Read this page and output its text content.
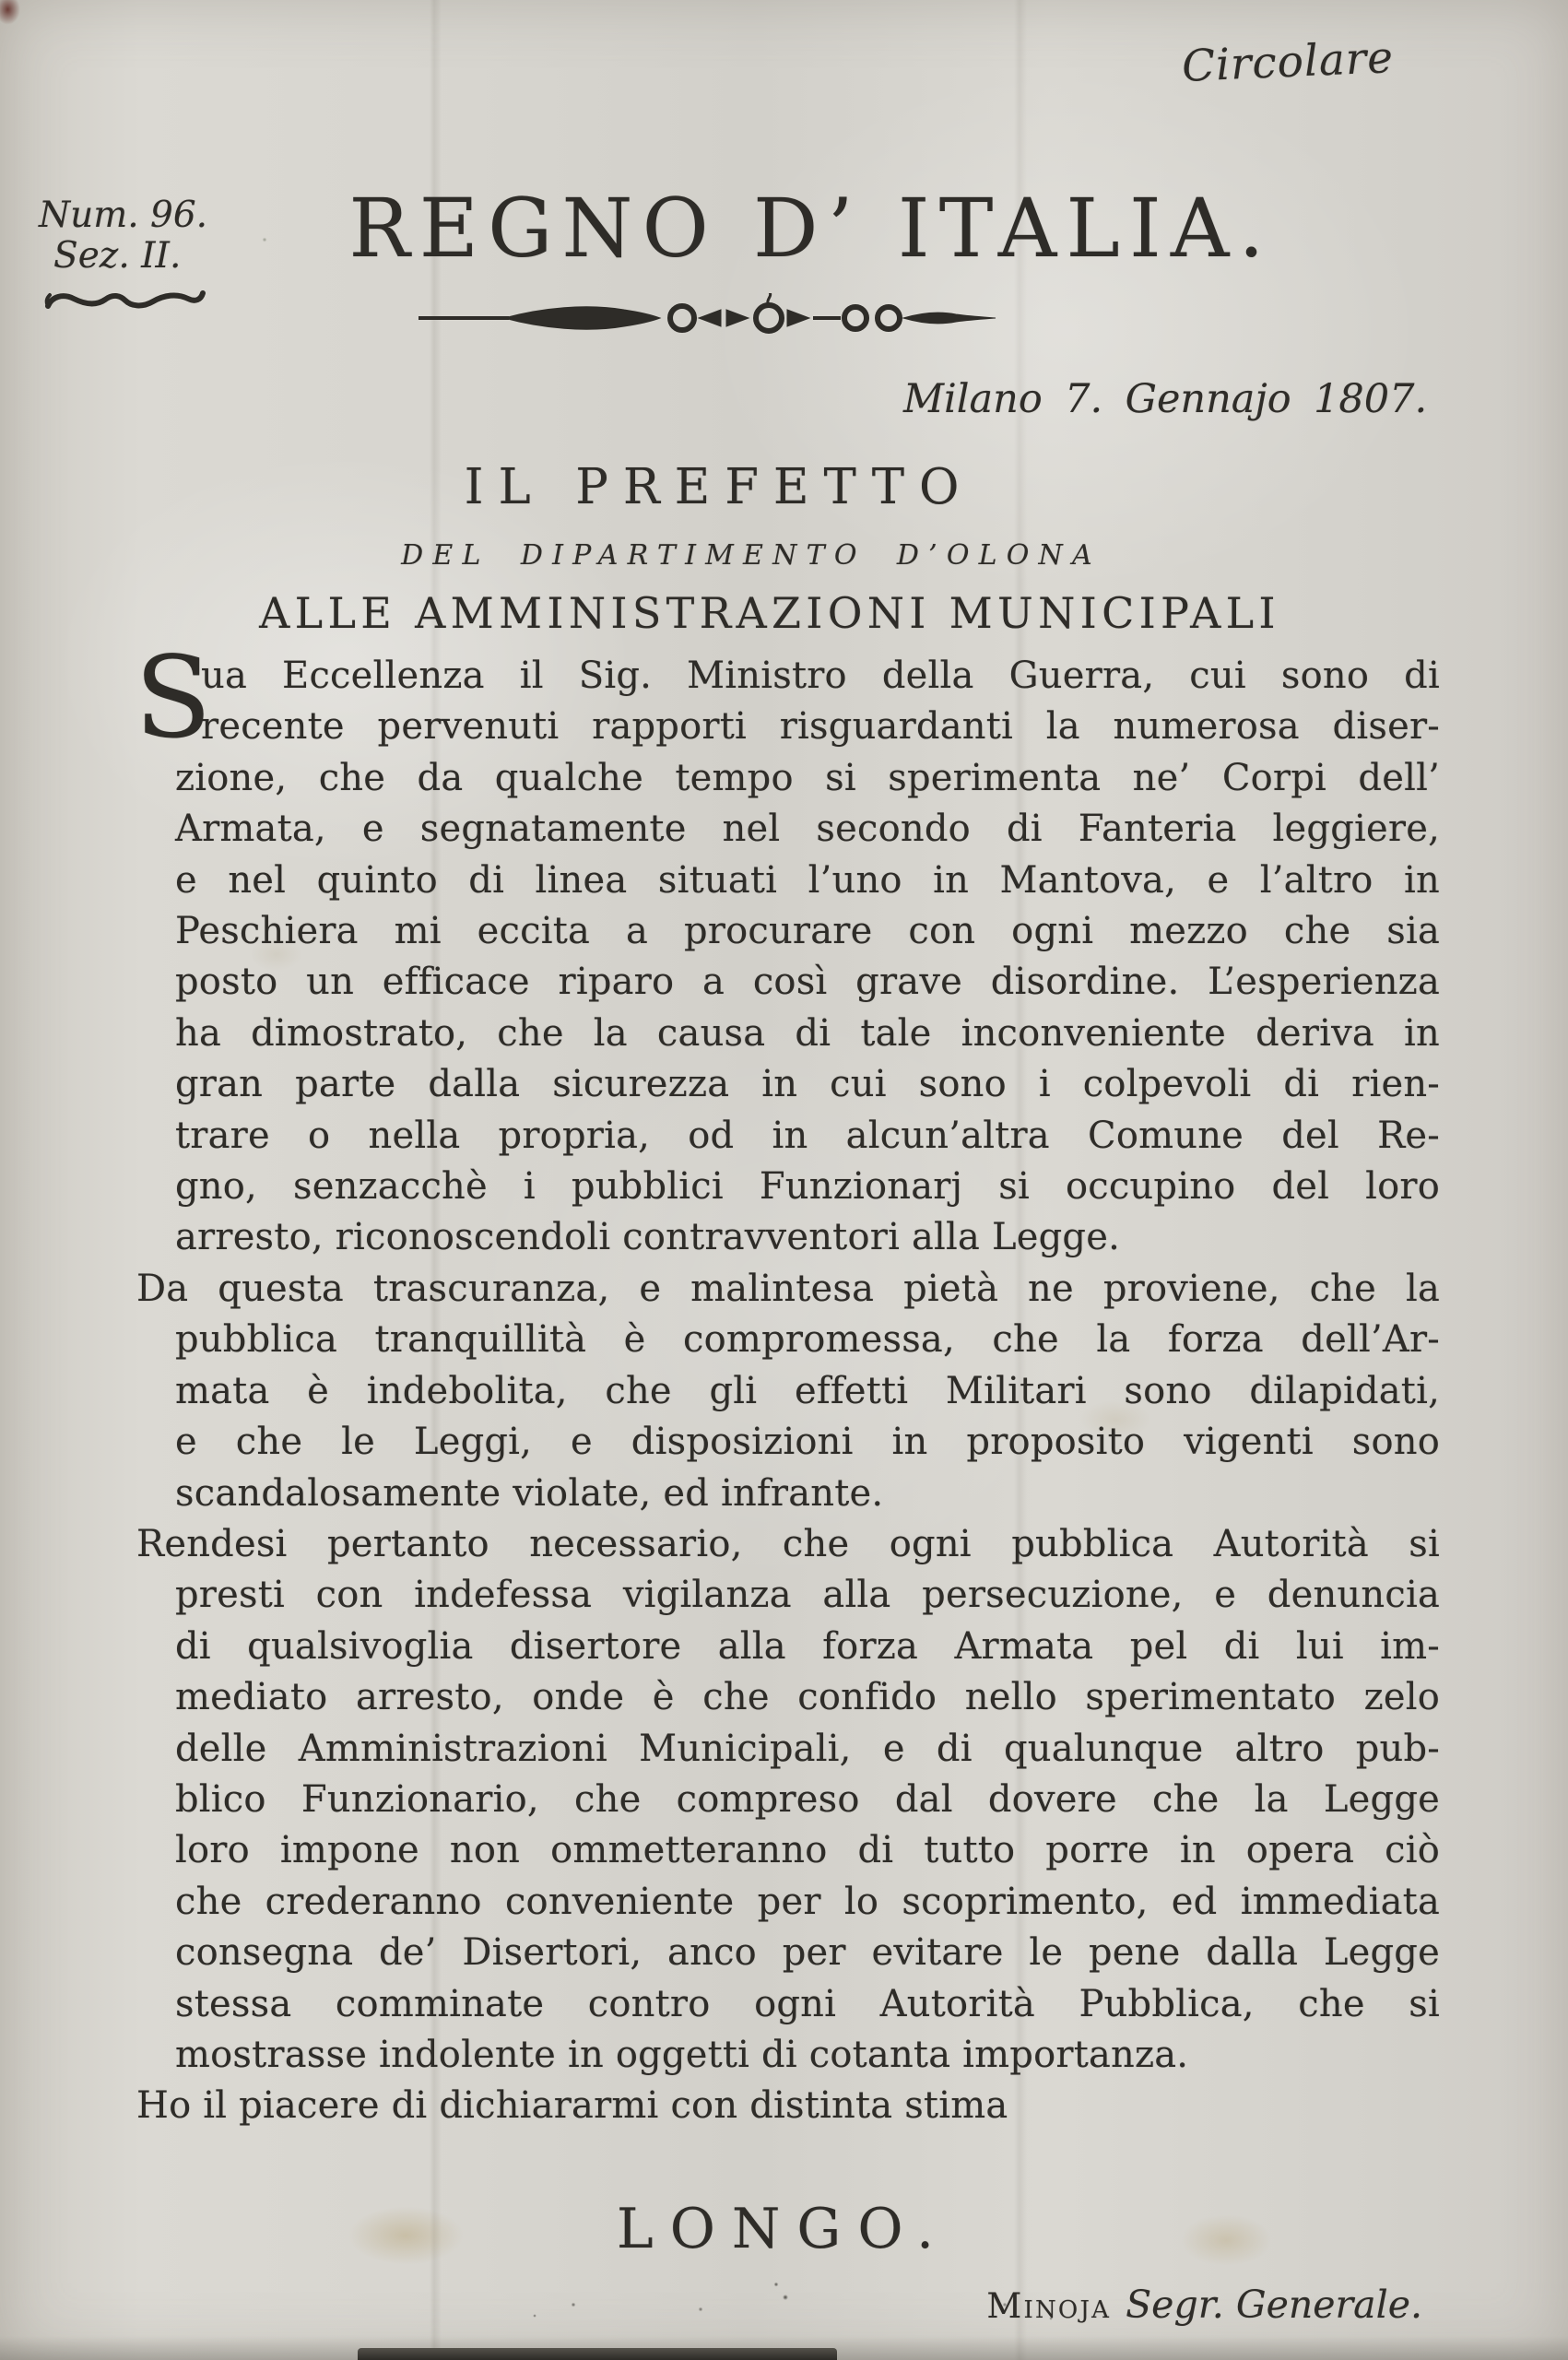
Circolare
Num. 96.
Sez. II.	REGNO D’ ITALIA.
Milano 7. Gennajo 1807.
IL PREFETTO
DEL DIPARTIMENTO D’OLONA
ALLE AMMINISTRAZIONI MUNICIPALI
S
ua Eccellenza il Sig. Ministro della Guerra, cui sono di
recente pervenuti rapporti risguardanti la numerosa diser-
zione, che da qualche tempo si sperimenta ne’ Corpi dell’
Armata, e segnatamente nel secondo di Fanteria leggiere,
e nel quinto di linea situati l’uno in Mantova, e l’altro in
Peschiera mi eccita a procurare con ogni mezzo che sia
posto un efficace riparo a così grave disordine. L’esperienza
ha dimostrato, che la causa di tale inconveniente deriva in
gran parte dalla sicurezza in cui sono i colpevoli di rien-
trare o nella propria, od in alcun’altra Comune del Re-
gno, senzacchè i pubblici Funzionarj si occupino del loro
arresto, riconoscendoli contravventori alla Legge.
Da questa trascuranza, e malintesa pietà ne proviene, che la
pubblica tranquillità è compromessa, che la forza dell’Ar-
mata è indebolita, che gli effetti Militari sono dilapidati,
e che le Leggi, e disposizioni in proposito vigenti sono
scandalosamente violate, ed infrante.
Rendesi pertanto necessario, che ogni pubblica Autorità si
presti con indefessa vigilanza alla persecuzione, e denuncia
di qualsivoglia disertore alla forza Armata pel di lui im-
mediato arresto, onde è che confido nello sperimentato zelo
delle Amministrazioni Municipali, e di qualunque altro pub-
blico Funzionario, che compreso dal dovere che la Legge
loro impone non ommetteranno di tutto porre in opera ciò
che crederanno conveniente per lo scoprimento, ed immediata
consegna de’ Disertori, anco per evitare le pene dalla Legge
stessa comminate contro ogni Autorità Pubblica, che si
mostrasse indolente in oggetti di cotanta importanza.
Ho il piacere di dichiararmi con distinta stima
LONGO.
Minoja Segr. Generale.
